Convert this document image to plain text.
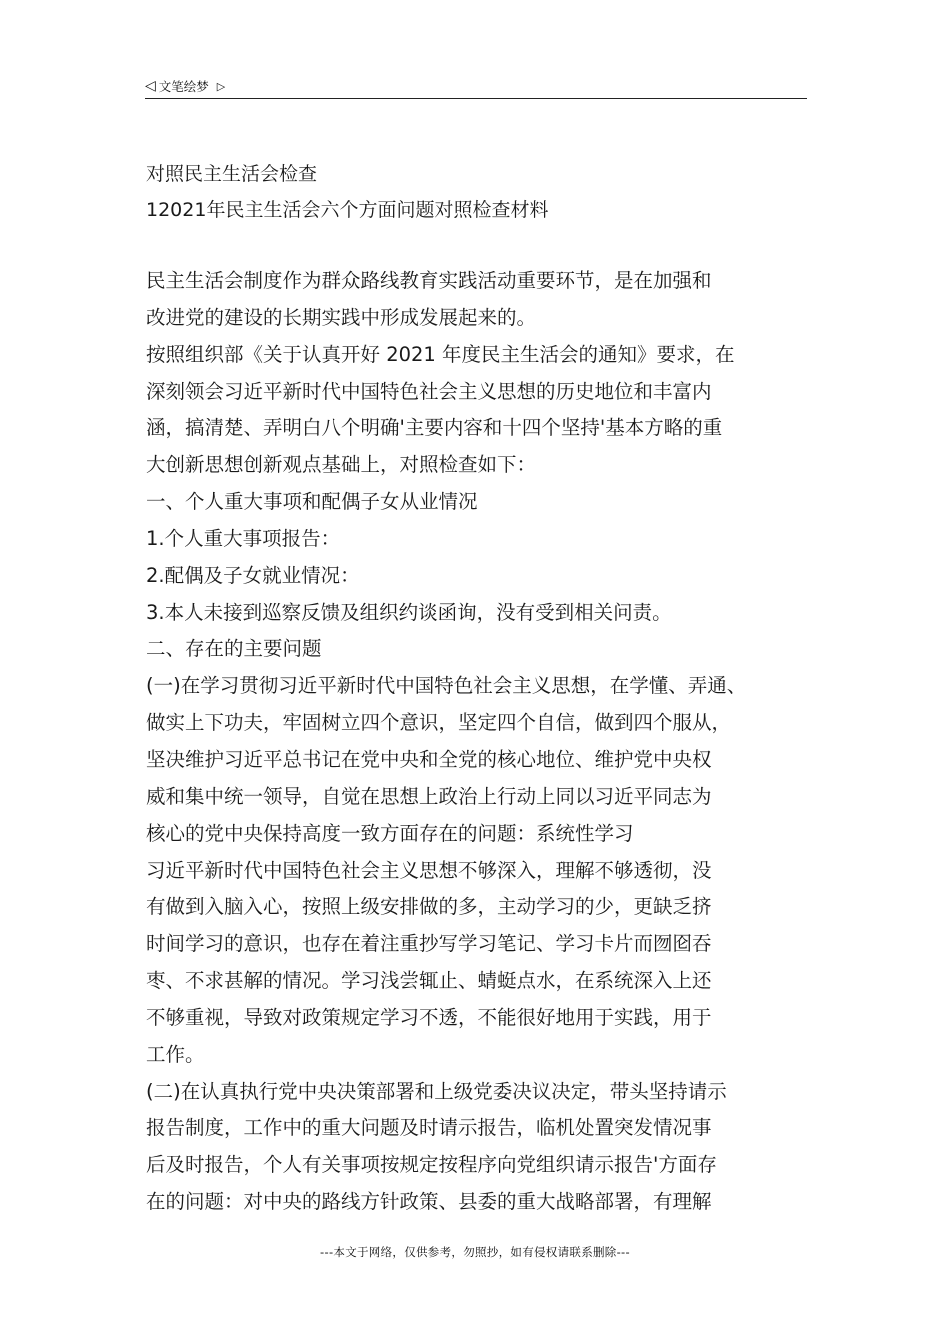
◁ 文笔绘梦 ▷
对照民主生活会检查
12021年民主生活会六个方面问题对照检查材料
民主生活会制度作为群众路线教育实践活动重要环节，是在加强和
改进党的建设的长期实践中形成发展起来的。
按照组织部《关于认真开好 2021 年度民主生活会的通知》要求，在
深刻领会习近平新时代中国特色社会主义思想的历史地位和丰富内
涵，搞清楚、弄明白八个明确'主要内容和十四个坚持'基本方略的重
大创新思想创新观点基础上，对照检查如下：
一、个人重大事项和配偶子女从业情况
1.个人重大事项报告：
2.配偶及子女就业情况：
3.本人未接到巡察反馈及组织约谈函询，没有受到相关问责。
二、存在的主要问题
(一)在学习贯彻习近平新时代中国特色社会主义思想，在学懂、弄通、
做实上下功夫，牢固树立四个意识，坚定四个自信，做到四个服从，
坚决维护习近平总书记在党中央和全党的核心地位、维护党中央权
威和集中统一领导，自觉在思想上政治上行动上同以习近平同志为
核心的党中央保持高度一致方面存在的问题：系统性学习
习近平新时代中国特色社会主义思想不够深入，理解不够透彻，没
有做到入脑入心，按照上级安排做的多，主动学习的少，更缺乏挤
时间学习的意识，也存在着注重抄写学习笔记、学习卡片而囫囵吞
枣、不求甚解的情况。学习浅尝辄止、蜻蜓点水，在系统深入上还
不够重视，导致对政策规定学习不透，不能很好地用于实践，用于
工作。
(二)在认真执行党中央决策部署和上级党委决议决定，带头坚持请示
报告制度，工作中的重大问题及时请示报告，临机处置突发情况事
后及时报告，个人有关事项按规定按程序向党组织请示报告'方面存
在的问题：对中央的路线方针政策、县委的重大战略部署，有理解
---本文于网络，仅供参考，勿照抄，如有侵权请联系删除---
